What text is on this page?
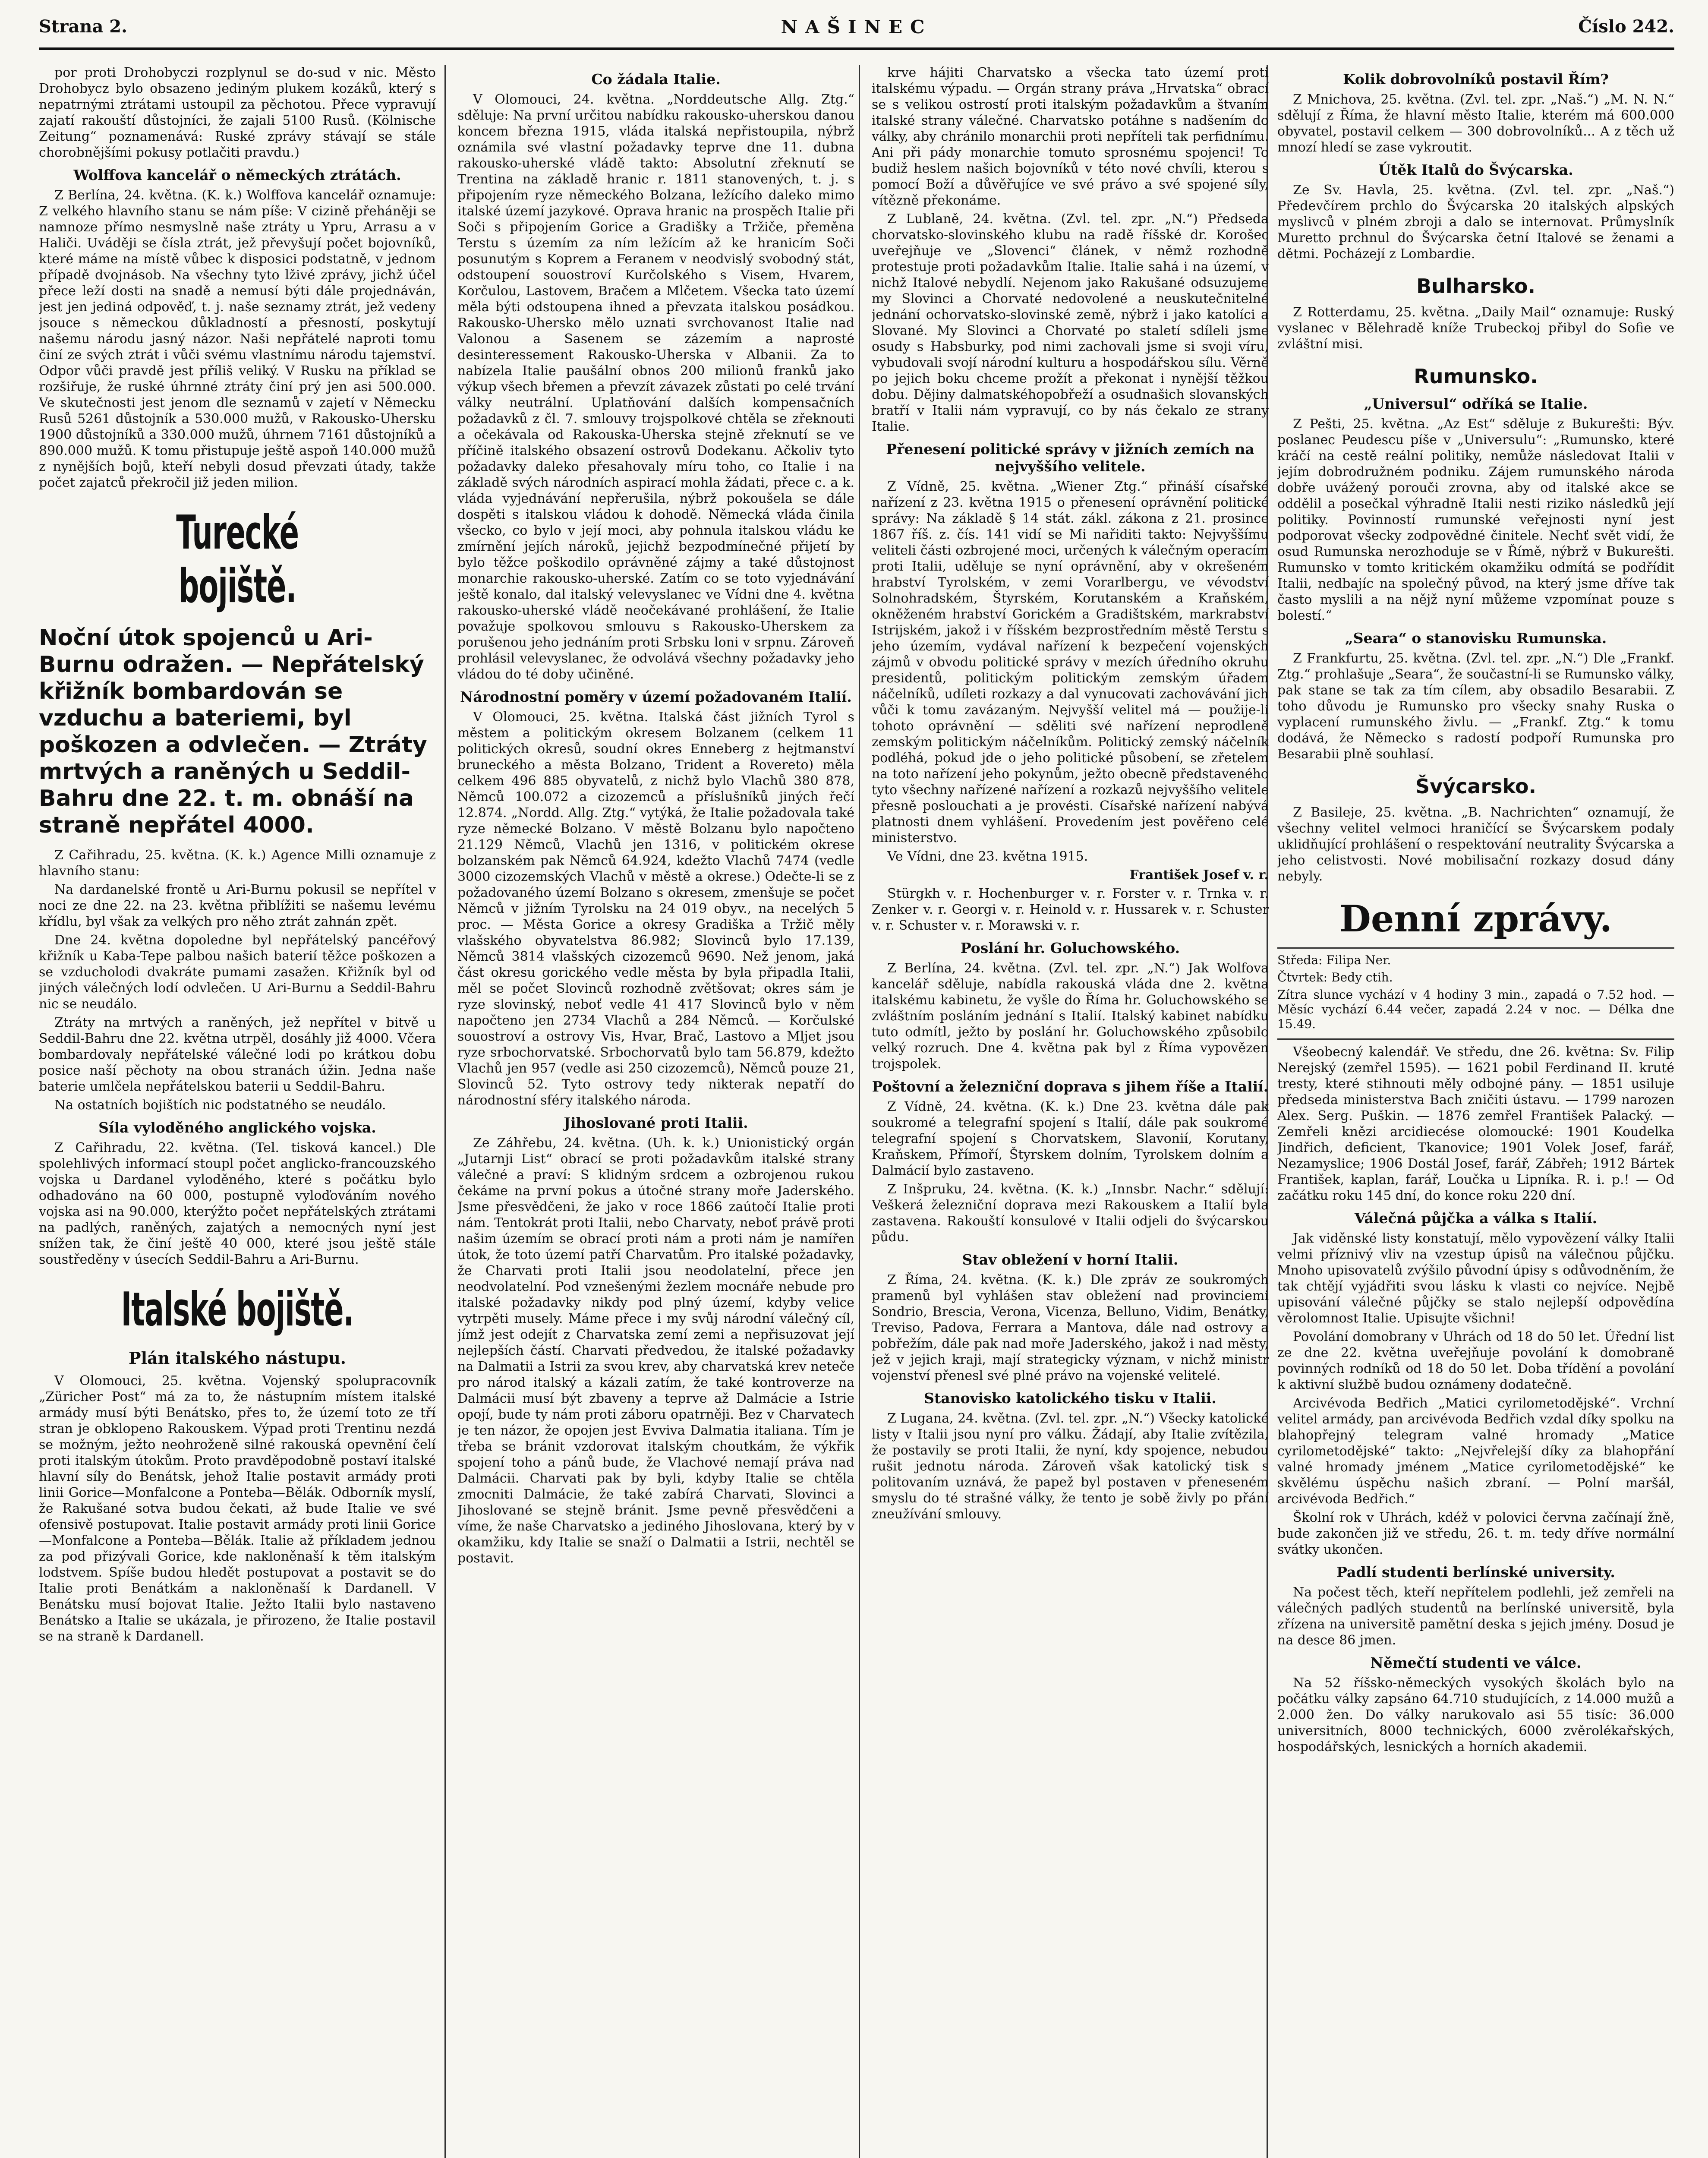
Strana 2.	NAŠINEC	Číslo 242.

por proti Drohobyczi rozplynul se do-sud v nic. Město Drohobycz bylo obsazeno jediným plukem kozáků, který s nepatrnými ztrátami ustoupil za pěchotou. Přece vypravují zajatí rakouští důstojníci, že zajali 5100 Rusů. (Kölnische Zeitung“ poznamenává: Ruské zprávy stávají se stále chorobnějšími pokusy potlačiti pravdu.)

Wolffova kancelář o německých ztrátách.

Z Berlína, 24. května. (K. k.) Wolffova kancelář oznamuje: Z velkého hlavního stanu se nám píše: V cizině přeháněji se namnoze přímo nesmyslně naše ztráty u Ypru, Arrasu a v Haliči. Uváději se čísla ztrát, jež převyšují počet bojovníků, které máme na místě vůbec k disposici podstatně, v jednom případě dvojnásob. Na všechny tyto lživé zprávy, jichž účel přece leží dosti na snadě a nemusí býti dále projednáván, jest jen jediná odpověď, t. j. naše seznamy ztrát, jež vedeny jsouce s německou důkladností a přesností, poskytují našemu národu jasný názor. Naši nepřátelé naproti tomu činí ze svých ztrát i vůči svému vlastnímu národu tajemství. Odpor vůči pravdě jest příliš veliký. V Rusku na příklad se rozšiřuje, že ruské úhrnné ztráty činí prý jen asi 500.000. Ve skutečnosti jest jenom dle seznamů v zajetí v Německu Rusů 5261 důstojník a 530.000 mužů, v Rakousko-Uhersku 1900 důstojníků a 330.000 mužů, úhrnem 7161 důstojníků a 890.000 mužů. K tomu přistupuje ještě aspoň 140.000 mužů z nynějších bojů, kteří nebyli dosud převzati útady, takže počet zajatců překročil již jeden milion.

Turecké bojiště.
Noční útok spojenců u Ari-Burnu odražen. — Nepřátelský křižník bombardován se vzduchu a bateriemi, byl poškozen a odvlečen. — Ztráty mrtvých a raněných u Seddil-Bahru dne 22. t. m. obnáší na straně nepřátel 4000.

Z Cařihradu, 25. května. (K. k.) Agence Milli oznamuje z hlavního stanu:

Na dardanelské frontě u Ari-Burnu pokusil se nepřítel v noci ze dne 22. na 23. května přiblížiti se našemu levému křídlu, byl však za velkých pro něho ztrát zahnán zpět.

Dne 24. května dopoledne byl nepřátelský pancéřový křižník u Kaba-Tepe palbou našich baterií těžce poškozen a se vzducholodi dvakráte pumami zasažen. Křižník byl od jiných válečných lodí odvlečen. U Ari-Burnu a Seddil-Bahru nic se neudálo.

Ztráty na mrtvých a raněných, jež nepřítel v bitvě u Seddil-Bahru dne 22. května utrpěl, dosáhly již 4000. Včera bombardovaly nepřátelské válečné lodi po krátkou dobu posice naší pěchoty na obou stranách úžin. Jedna naše baterie umlčela nepřátelskou baterii u Seddil-Bahru.

Na ostatních bojištích nic podstatného se neudálo.

Síla vyloděného anglického vojska.

Z Cařihradu, 22. května. (Tel. tisková kancel.) Dle spolehlivých informací stoupl počet anglicko-francouzského vojska u Dardanel vyloděného, které s počátku bylo odhadováno na 60 000, postupně vyloďováním nového vojska asi na 90.000, kterýžto počet nepřátelských ztrátami na padlých, raněných, zajatých a nemocných nyní jest snížen tak, že činí ještě 40 000, které jsou ještě stále soustředěny v úsecích Seddil-Bahru a Ari-Burnu.

Italské bojiště.
Plán italského nástupu.

V Olomouci, 25. května. Vojenský spolupracovník „Züricher Post“ má za to, že nástupním místem italské armády musí býti Benátsko, přes to, že území toto ze tří stran je obklopeno Rakouskem. Výpad proti Trentinu nezdá se možným, ježto neohroženě silné rakouská opevnění čelí proti italským útokům. Proto pravděpodobně postaví italské hlavní síly do Benátsk, jehož Italie postavit armády proti linii Gorice—Monfalcone a Ponteba—Bělák. Odborník myslí, že Rakušané sotva budou čekati, až bude Italie ve své ofensivě postupovat. Italie postavit armády proti linii Gorice—Monfalcone a Ponteba—Bělák. Italie až příkladem jednou za pod přizývali Gorice, kde nakloněnaší k těm italským lodstvem. Spíše budou hledět postupovat a postavit se do Italie proti Benátkám a nakloněnaší k Dardanell. V Benátsku musí bojovat Italie. Ježto Italii bylo nastaveno Benátsko a Italie se ukázala, je přirozeno, že Italie postavil se na straně k Dardanell.

Co žádala Italie.

V Olomouci, 24. května. „Norddeutsche Allg. Ztg.“ sděluje: Na první určitou nabídku rakousko-uherskou danou koncem března 1915, vláda italská nepřistoupila, nýbrž oznámila své vlastní požadavky teprve dne 11. dubna rakousko-uherské vládě takto: Absolutní zřeknutí se Trentina na základě hranic r. 1811 stanovených, t. j. s připojením ryze německého Bolzana, ležícího daleko mimo italské území jazykové. Oprava hranic na prospěch Italie při Soči s připojením Gorice a Gradišky a Tržiče, přeměna Terstu s územím za ním ležícím až ke hranicím Soči posunutým s Koprem a Feranem v neodvislý svobodný stát, odstoupení souostroví Kurčolského s Visem, Hvarem, Korčulou, Lastovem, Bračem a Mlčetem. Všecka tato území měla býti odstoupena ihned a převzata italskou posádkou. Rakousko-Uhersko mělo uznati svrchovanost Italie nad Valonou a Sasenem se zázemím a naprosté desinteressement Rakousko-Uherska v Albanii. Za to nabízela Italie paušální obnos 200 milionů franků jako výkup všech břemen a převzít závazek zůstati po celé trvání války neutrální. Uplatňování dalších kompensačních požadavků z čl. 7. smlouvy trojspolkové chtěla se zřeknouti a očekávala od Rakouska-Uherska stejně zřeknutí se ve příčině italského obsazení ostrovů Dodekanu. Ačkoliv tyto požadavky daleko přesahovaly míru toho, co Italie i na základě svých národních aspirací mohla žádati, přece c. a k. vláda vyjednávání nepřerušila, nýbrž pokoušela se dále dospěti s italskou vládou k dohodě. Německá vláda činila všecko, co bylo v její moci, aby pohnula italskou vládu ke zmírnění jejích nároků, jejichž bezpodmínečné přijetí by bylo těžce poškodilo oprávněné zájmy a také důstojnost monarchie rakousko-uherské. Zatím co se toto vyjednávání ještě konalo, dal italský velevyslanec ve Vídni dne 4. května rakousko-uherské vládě neočekávané prohlášení, že Italie považuje spolkovou smlouvu s Rakousko-Uherskem za porušenou jeho jednáním proti Srbsku loni v srpnu. Zároveň prohlásil velevyslanec, že odvolává všechny požadavky jeho vládou do té doby učiněné.

Národnostní poměry v území požadovaném Italií.

V Olomouci, 25. května. Italská část jižních Tyrol s městem a politickým okresem Bolzanem (celkem 11 politických okresů, soudní okres Enneberg z hejtmanství bruneckého a města Bolzano, Trident a Rovereto) měla celkem 496 885 obyvatelů, z nichž bylo Vlachů 380 878, Němců 100.072 a cizozemců a příslušníků jiných řečí 12.874. „Nordd. Allg. Ztg.“ vytýká, že Italie požadovala také ryze německé Bolzano. V městě Bolzanu bylo napočteno 21.129 Němců, Vlachů jen 1316, v politickém okrese bolzanském pak Němců 64.924, kdežto Vlachů 7474 (vedle 3000 cizozemských Vlachů v městě a okrese.) Odečte-li se z požadovaného území Bolzano s okresem, zmenšuje se počet Němců v jižním Tyrolsku na 24 019 obyv., na necelých 5 proc. — Města Gorice a okresy Gradiška a Tržič měly vlašského obyvatelstva 86.982; Slovinců bylo 17.139, Němců 3814 vlašských cizozemců 9690. Než jenom, jaká část okresu gorického vedle města by byla připadla Italii, měl se počet Slovinců rozhodně zvětšovat; okres sám je ryze slovinský, neboť vedle 41 417 Slovinců bylo v něm napočteno jen 2734 Vlachů a 284 Němců. — Korčulské souostroví a ostrovy Vis, Hvar, Brač, Lastovo a Mljet jsou ryze srbochorvatské. Srbochorvatů bylo tam 56.879, kdežto Vlachů jen 957 (vedle asi 250 cizozemců), Němců pouze 21, Slovinců 52. Tyto ostrovy tedy nikterak nepatří do národnostní sféry italského národa.

Jihoslované proti Italii.

Ze Záhřebu, 24. května. (Uh. k. k.) Unionistický orgán „Jutarnji List“ obrací se proti požadavkům italské strany válečné a praví: S klidným srdcem a ozbrojenou rukou čekáme na první pokus a útočné strany moře Jaderského. Jsme přesvědčeni, že jako v roce 1866 zaútočí Italie proti nám. Tentokrát proti Italii, nebo Charvaty, neboť právě proti našim územím se obrací proti nám a proti nám je namířen útok, že toto území patří Charvatům. Pro italské požadavky, že Charvati proti Italii jsou neodolatelní, přece jen neodvolatelní. Pod vznešenými žezlem mocnáře nebude pro italské požadavky nikdy pod plný území, kdyby velice vytrpěti musely. Máme přece i my svůj národní válečný cíl, jímž jest odejít z Charvatska zemí zemi a nepřisuzovat její nejlepších částí. Charvati předvedou, že italské požadavky na Dalmatii a Istrii za svou krev, aby charvatská krev neteče pro národ italský a kázali zatím, že také kontroverze na Dalmácii musí být zbaveny a teprve až Dalmácie a Istrie opojí, bude ty nám proti záboru opatrněji. Bez v Charvatech je ten názor, že opojen jest Evviva Dalmatia italiana. Tím je třeba se bránit vzdorovat italským choutkám, že výkřik spojení toho a pánů bude, že Vlachové nemají práva nad Dalmácii. Charvati pak by byli, kdyby Italie se chtěla zmocniti Dalmácie, že také zabírá Charvati, Slovinci a Jihoslované se stejně bránit. Jsme pevně přesvědčeni a víme, že naše Charvatsko a jediného Jihoslovana, který by v okamžiku, kdy Italie se snaží o Dalmatii a Istrii, nechtěl se postavit.

krve hájiti Charvatsko a všecka tato území proti italskému výpadu. — Orgán strany práva „Hrvatska“ obrací se s velikou ostrostí proti italským požadavkům a štvaním italské strany válečné. Charvatsko potáhne s nadšením do války, aby chránilo monarchii proti nepříteli tak perfidnímu. Ani při pády monarchie tomuto sprosnému spojenci! To budiž heslem našich bojovníků v této nové chvíli, kterou s pomocí Boží a důvěřujíce ve své právo a své spojené síly, vítězně překonáme.

Z Lublaně, 24. května. (Zvl. tel. zpr. „N.“) Předseda chorvatsko-slovinského klubu na radě říšské dr. Korošec uveřejňuje ve „Slovenci“ článek, v němž rozhodně protestuje proti požadavkům Italie. Italie sahá i na území, v nichž Italové nebydlí. Nejenom jako Rakušané odsuzujeme my Slovinci a Chorvaté nedovolené a neuskutečnitelné jednání ochorvatsko-slovinské země, nýbrž i jako katolíci a Slované. My Slovinci a Chorvaté po staletí sdíleli jsme osudy s Habsburky, pod nimi zachovali jsme si svoji víru, vybudovali svojí národní kulturu a hospodářskou sílu. Věrně po jejich boku chceme prožít a překonat i nynější těžkou dobu. Dějiny dalmatskéhopobřeží a osudnašich slovanských bratří v Italii nám vypravují, co by nás čekalo ze strany Italie.

Přenesení politické správy v jižních zemích na nejvyššího velitele.

Z Vídně, 25. května. „Wiener Ztg.“ přináší císařské nařízení z 23. května 1915 o přenesení oprávnění politické správy: Na základě § 14 stát. zákl. zákona z 21. prosince 1867 říš. z. čís. 141 vidí se Mi nařiditi takto: Nejvyššímu veliteli části ozbrojené moci, určených k válečným operacím proti Italii, uděluje se nyní oprávnění, aby v okrešeném hrabství Tyrolském, v zemi Vorarlbergu, ve vévodství Solnohradském, Štyrském, Korutanském a Kraňském, okněženém hrabství Gorickém a Gradištském, markrabství Istrijském, jakož i v říšském bezprostředním městě Terstu s jeho územím, vydával nařízení k bezpečení vojenských zájmů v obvodu politické správy v mezích úředního okruhu presidentů, politickým politickým zemským úřadem náčelníků, udíleti rozkazy a dal vynucovati zachovávání jich vůči k tomu zavázaným. Nejvyšší velitel má — použije-li tohoto oprávnění — sděliti své nařízení neprodleně zemským politickým náčelníkům. Politický zemský náčelník podléhá, pokud jde o jeho politické působení, se zřetelem na toto nařízení jeho pokynům, ježto obecně představeného tyto všechny nařízené nařízení a rozkazů nejvyššího velitele přesně poslouchati a je provésti. Císařské nařízení nabývá platnosti dnem vyhlášení. Provedením jest pověřeno celé ministerstvo.

Ve Vídni, dne 23. května 1915.

František Josef v. r.

Stürgkh v. r. Hochenburger v. r. Forster v. r. Trnka v. r. Zenker v. r. Georgi v. r. Heinold v. r. Hussarek v. r. Schuster v. r. Schuster v. r. Morawski v. r.

Poslání hr. Goluchowského.

Z Berlína, 24. května. (Zvl. tel. zpr. „N.“) Jak Wolfova kancelář sděluje, nabídla rakouská vláda dne 2. května italskému kabinetu, že vyšle do Říma hr. Goluchowského se zvláštním posláním jednání s Italií. Italský kabinet nabídku tuto odmítl, ježto by poslání hr. Goluchowského způsobilo velký rozruch. Dne 4. května pak byl z Říma vypovězen trojspolek.

Poštovní a železniční doprava s jihem říše a Italií.

Z Vídně, 24. května. (K. k.) Dne 23. května dále pak soukromé a telegrafní spojení s Italií, dále pak soukromé telegrafní spojení s Chorvatskem, Slavonií, Korutany, Kraňskem, Přímoří, Štyrskem dolním, Tyrolskem dolním a Dalmácií bylo zastaveno.

Z Inšpruku, 24. května. (K. k.) „Innsbr. Nachr.“ sdělují: Veškerá železniční doprava mezi Rakouskem a Italií byla zastavena. Rakouští konsulové v Italii odjeli do švýcarskou půdu.

Stav obležení v horní Italii.

Z Říma, 24. května. (K. k.) Dle zpráv ze soukromých pramenů byl vyhlášen stav obležení nad provinciemi Sondrio, Brescia, Verona, Vicenza, Belluno, Vidim, Benátky, Treviso, Padova, Ferrara a Mantova, dále nad ostrovy a pobřežím, dále pak nad moře Jaderského, jakož i nad městy, jež v jejich kraji, mají strategicky význam, v nichž ministr vojenství přenesl své plné právo na vojenské velitelé.

Stanovisko katolického tisku v Italii.

Z Lugana, 24. května. (Zvl. tel. zpr. „N.“) Všecky katolické listy v Italii jsou nyní pro válku. Žádají, aby Italie zvítězila, že postavily se proti Italii, že nyní, kdy spojence, nebudou rušit jednotu národa. Zároveň však katolický tisk s politovaním uznává, že papež byl postaven v přeneseném smyslu do té strašné války, že tento je sobě živly po přání zneužívání smlouvy.

Kolik dobrovolníků postavil Řím?

Z Mnichova, 25. května. (Zvl. tel. zpr. „Naš.“) „M. N. N.“ sdělují z Říma, že hlavní město Italie, kterém má 600.000 obyvatel, postavil celkem — 300 dobrovolníků... A z těch už mnozí hledí se zase vykroutit.

Útěk Italů do Švýcarska.

Ze Sv. Havla, 25. května. (Zvl. tel. zpr. „Naš.“) Předevčírem prchlo do Švýcarska 20 italských alpských myslivců v plném zbroji a dalo se internovat. Průmyslník Muretto prchnul do Švýcarska četní Italové se ženami a dětmi. Pocházejí z Lombardie.

Bulharsko.

Z Rotterdamu, 25. května. „Daily Mail“ oznamuje: Ruský vyslanec v Bělehradě kníže Trubeckoj přibyl do Sofie ve zvláštní misi.

Rumunsko.
„Universul“ odříká se Italie.

Z Pešti, 25. května. „Az Est“ sděluje z Bukurešti: Býv. poslanec Peudescu píše v „Universulu“: „Rumunsko, které kráčí na cestě reální politiky, nemůže následovat Italii v jejím dobrodružném podniku. Zájem rumunského národa dobře uvážený porouči zrovna, aby od italské akce se oddělil a posečkal výhradně Italii nesti riziko následků její politiky. Povinností rumunské veřejnosti nyní jest podporovat všecky zodpovědné činitele. Nechť svět vidí, že osud Rumunska nerozhoduje se v Římě, nýbrž v Bukurešti. Rumunsko v tomto kritickém okamžiku odmítá se podřídit Italii, nedbajíc na společný původ, na který jsme dříve tak často myslili a na nějž nyní můžeme vzpomínat pouze s bolestí.“

„Seara“ o stanovisku Rumunska.

Z Frankfurtu, 25. května. (Zvl. tel. zpr. „N.“) Dle „Frankf. Ztg.“ prohlašuje „Seara“, že součastní-li se Rumunsko války, pak stane se tak za tím cílem, aby obsadilo Besarabii. Z toho důvodu je Rumunsko pro všecky snahy Ruska o vyplacení rumunského živlu. — „Frankf. Ztg.“ k tomu dodává, že Německo s radostí podpoří Rumunska pro Besarabii plně souhlasí.

Švýcarsko.

Z Basileje, 25. května. „B. Nachrichten“ oznamují, že všechny velitel velmoci hraničící se Švýcarskem podaly uklidňující prohlášení o respektování neutrality Švýcarska a jeho celistvosti. Nové mobilisační rozkazy dosud dány nebyly.

Denní zprávy.

Středa: Filipa Ner.

Čtvrtek: Bedy ctih.

Zítra slunce vychází v 4 hodiny 3 min., zapadá o 7.52 hod. — Měsíc vychází 6.44 večer, zapadá 2.24 v noc. — Délka dne 15.49.

Všeobecný kalendář. Ve středu, dne 26. května: Sv. Filip Nerejský (zemřel 1595). — 1621 pobil Ferdinand II. kruté tresty, které stihnouti měly odbojné pány. — 1851 usiluje předseda ministerstva Bach zničiti ústavu. — 1799 narozen Alex. Serg. Puškin. — 1876 zemřel František Palacký. — Zemřeli knězi arcidiecése olomoucké: 1901 Koudelka Jindřich, deficient, Tkanovice; 1901 Volek Josef, farář, Nezamyslice; 1906 Dostál Josef, farář, Zábřeh; 1912 Bártek František, kaplan, farář, Loučka u Lipníka. R. i. p.! — Od začátku roku 145 dní, do konce roku 220 dní.

Válečná půjčka a válka s Italií.

Jak viděnské listy konstatují, mělo vypovězení války Italii velmi příznivý vliv na vzestup úpisů na válečnou půjčku. Mnoho upisovatelů zvýšilo původní úpisy s odůvodněním, že tak chtějí vyjádřiti svou lásku k vlasti co nejvíce. Nejbě upisování válečné půjčky se stalo nejlepší odpovědína věrolomnost Italie. Upisujte všichni!

Povolání domobrany v Uhrách od 18 do 50 let. Úřední list ze dne 22. května uveřejňuje povolání k domobraně povinných rodníků od 18 do 50 let. Doba třídění a povolání k aktivní službě budou oznámeny dodatečně.

Arcivévoda Bedřich „Matici cyrilometodějské“. Vrchní velitel armády, pan arcivévoda Bedřich vzdal díky spolku na blahopřejný telegram valné hromady „Matice cyrilometodějské“ takto: „Nejvřelejší díky za blahopřání valné hromady jménem „Matice cyrilometodějské“ ke skvělému úspěchu našich zbraní. — Polní maršál, arcivévoda Bedřich.“

Školní rok v Uhrách, kdéž v polovici června začínají žně, bude zakončen již ve středu, 26. t. m. tedy dříve normální svátky ukončen.

Padlí studenti berlínské university.

Na počest těch, kteří nepřítelem podlehli, jež zemřeli na válečných padlých studentů na berlínské universitě, byla zřízena na universitě pamětní deska s jejich jmény. Dosud je na desce 86 jmen.

Němečtí studenti ve válce.

Na 52 říšsko-německých vysokých školách bylo na počátku války zapsáno 64.710 studujících, z 14.000 mužů a 2.000 žen. Do války narukovalo asi 55 tisíc: 36.000 universitních, 8000 technických, 6000 zvěrolékařských, hospodářských, lesnických a horních akademii.
